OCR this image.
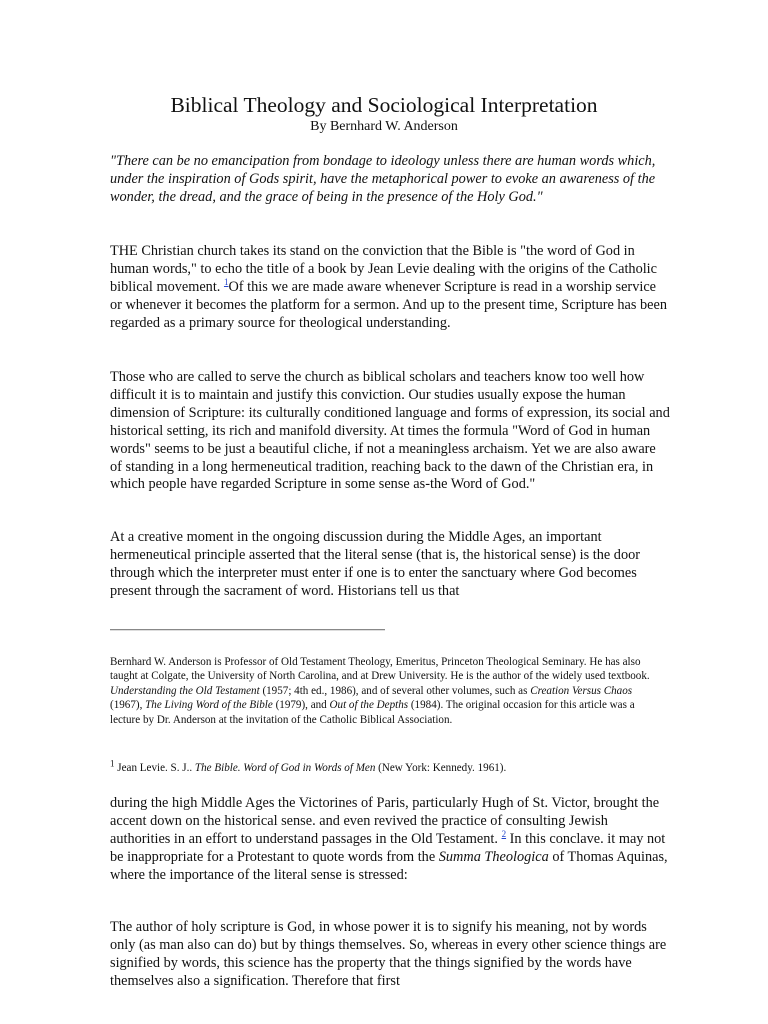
Biblical Theology and Sociological Interpretation
By Bernhard W. Anderson

"There can be no emancipation from bondage to ideology unless there are human words which, under the inspiration of Gods spirit, have the metaphorical power to evoke an awareness of the wonder, the dread, and the grace of being in the presence of the Holy God."

THE Christian church takes its stand on the conviction that the Bible is "the word of God in human words," to echo the title of a book by Jean Levie dealing with the origins of the Catholic biblical movement. $^1$Of this we are made aware whenever Scripture is read in a worship service or whenever it becomes the platform for a sermon. And up to the present time, Scripture has been regarded as a primary source for theological understanding.

Those who are called to serve the church as biblical scholars and teachers know too well how difficult it is to maintain and justify this conviction. Our studies usually expose the human dimension of Scripture: its culturally conditioned language and forms of expression, its social and historical setting, its rich and manifold diversity. At times the formula "Word of God in human words" seems to be just a beautiful cliche, if not a meaningless archaism. Yet we are also aware of standing in a long hermeneutical tradition, reaching back to the dawn of the Christian era, in which people have regarded Scripture in some sense as-the Word of God."

At a creative moment in the ongoing discussion during the Middle Ages, an important hermeneutical principle asserted that the literal sense (that is, the historical sense) is the door through which the interpreter must enter if one is to enter the sanctuary where God becomes present through the sacrament of word. Historians tell us that

Bernhard W. Anderson is Professor of Old Testament Theology, Emeritus, Princeton Theological Seminary. He has also taught at Colgate, the University of North Carolina, and at Drew University. He is the author of the widely used textbook. Understanding the Old Testament (1957; 4th ed., 1986), and of several other volumes, such as Creation Versus Chaos (1967), The Living Word of the Bible (1979), and Out of the Depths (1984). The original occasion for this article was a lecture by Dr. Anderson at the invitation of the Catholic Biblical Association.

$^1$ Jean Levie. S. J.. The Bible. Word of God in Words of Men (New York: Kennedy. 1961).

during the high Middle Ages the Victorines of Paris, particularly Hugh of St. Victor, brought the accent down on the historical sense. and even revived the practice of consulting Jewish authorities in an effort to understand passages in the Old Testament. $^2$ In this conclave. it may not be inappropriate for a Protestant to quote words from the Summa Theologica of Thomas Aquinas, where the importance of the literal sense is stressed:

The author of holy scripture is God, in whose power it is to signify his meaning, not by words only (as man also can do) but by things themselves. So, whereas in every other science things are signified by words, this science has the property that the things signified by the words have themselves also a signification. Therefore that first
